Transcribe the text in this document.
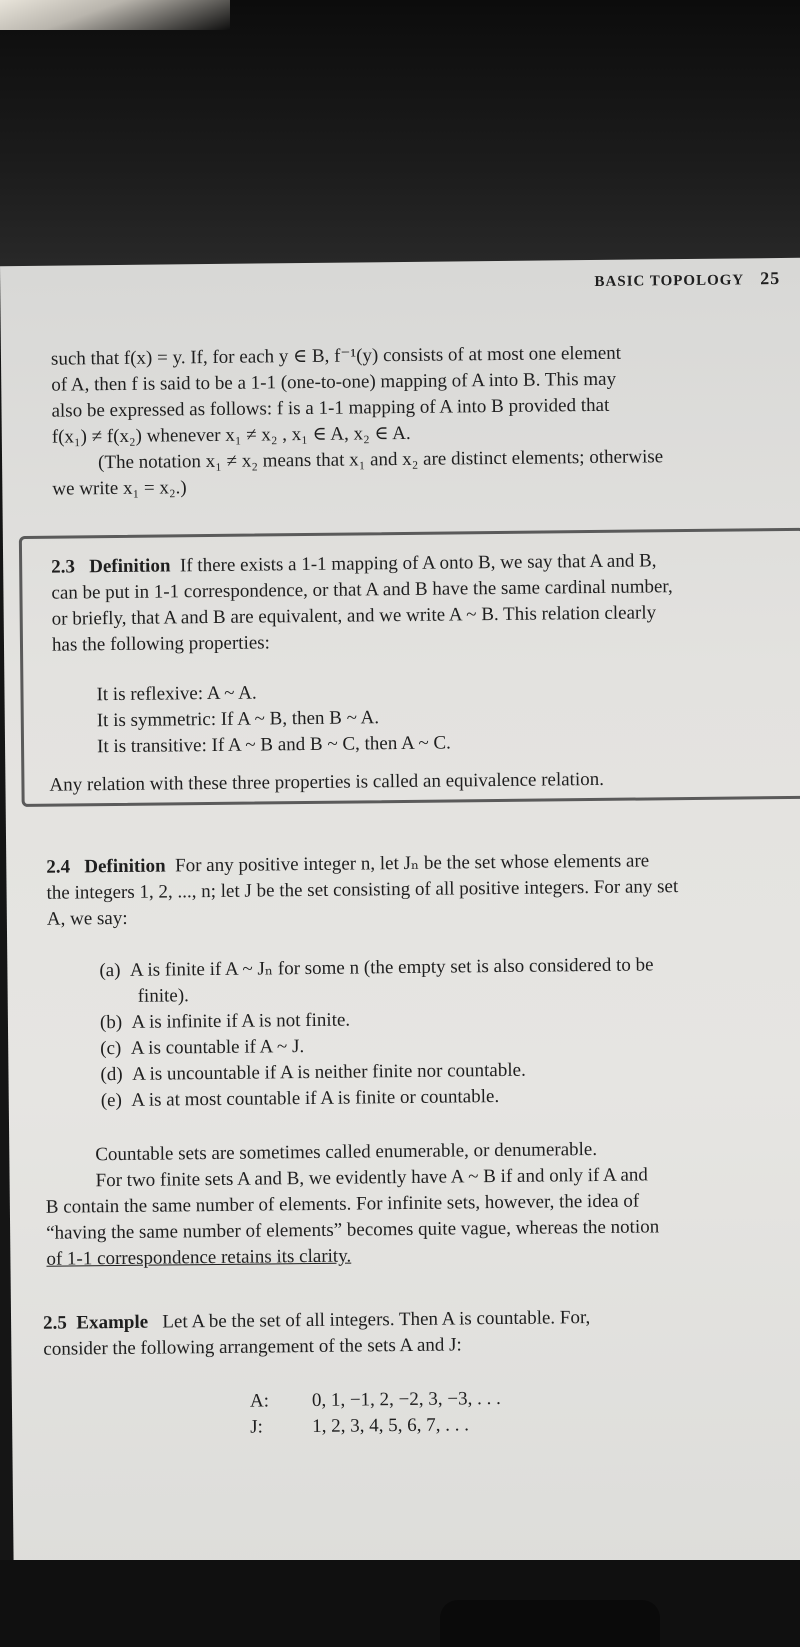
BASIC TOPOLOGY 25
such that f(x) = y. If, for each y ∈ B, f⁻¹(y) consists of at most one element
of A, then f is said to be a 1-1 (one-to-one) mapping of A into B. This may
also be expressed as follows: f is a 1-1 mapping of A into B provided that
f(x₁) ≠ f(x₂) whenever x₁ ≠ x₂ , x₁ ∈ A, x₂ ∈ A.
(The notation x₁ ≠ x₂ means that x₁ and x₂ are distinct elements; otherwise
we write x₁ = x₂.)
2.3 Definition If there exists a 1-1 mapping of A onto B, we say that A and B,
can be put in 1-1 correspondence, or that A and B have the same cardinal number,
or briefly, that A and B are equivalent, and we write A ~ B. This relation clearly
has the following properties:
It is reflexive: A ~ A.
It is symmetric: If A ~ B, then B ~ A.
It is transitive: If A ~ B and B ~ C, then A ~ C.
Any relation with these three properties is called an equivalence relation.
2.4 Definition For any positive integer n, let Jₙ be the set whose elements are
the integers 1, 2, ..., n; let J be the set consisting of all positive integers. For any set
A, we say:
(a) A is finite if A ~ Jₙ for some n (the empty set is also considered to be
finite).
(b) A is infinite if A is not finite.
(c) A is countable if A ~ J.
(d) A is uncountable if A is neither finite nor countable.
(e) A is at most countable if A is finite or countable.
Countable sets are sometimes called enumerable, or denumerable.
For two finite sets A and B, we evidently have A ~ B if and only if A and
B contain the same number of elements. For infinite sets, however, the idea of
“having the same number of elements” becomes quite vague, whereas the notion
of 1-1 correspondence retains its clarity.
2.5 Example Let A be the set of all integers. Then A is countable. For,
consider the following arrangement of the sets A and J:
A: 0, 1, −1, 2, −2, 3, −3, . . .
J:	1, 2, 3, 4, 5, 6, 7, . . .
